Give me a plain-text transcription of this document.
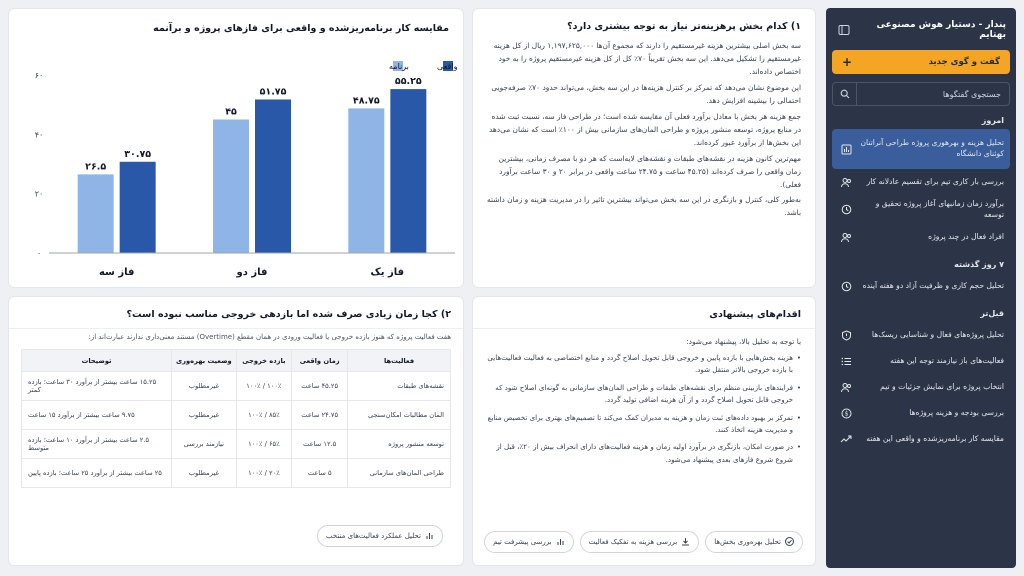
پندار - دستیار هوش مصنوعی بهتایم
گفت و گوی جدید
+
جستجوی گفتگوها
امروز
تحلیل هزینه و بهرهوری پروژه طراحی آنراتنان کوئنای دانشگاه
بررسی بار کاری تیم برای تقسیم عادلانه کار
برآورد زمان زمانبهای آغاز پروژه تحقیق و توسعه
افراد فعال در چند پروژه
۷ روز گذشته
تحلیل حجم کاری و ظرفیت آزاد دو هفته آینده
قبل‌تر
تحلیل پروژه‌های فعال و شناسایی ریسک‌ها
فعالیت‌های باز نیازمند توجه این هفته
انتخاب پروژه برای نمایش جزئیات و تیم
بررسی بودجه و هزینه پروژه‌ها
$
مقایسه کار برنامه‌ریزشده و واقعی این هفته
۱) کدام بخش پرهزینه‌تر نیاز به توجه بیشتری دارد؟

سه بخش اصلی بیشترین هزینه غیرمستقیم را دارند که مجموع آن‌ها ۱,۱۹۷,۶۲۵,۰۰۰ ریال از کل هزینه غیرمستقیم را تشکیل می‌دهد. این سه بخش تقریباً ۷۰٪ کل از کل هزینه غیرمستقیم پروژه را به خود اختصاص داده‌اند.

این موضوع نشان می‌دهد که تمرکز بر کنترل هزینه‌ها در این سه بخش، می‌تواند حدود ۷۰٪ صرفه‌جویی احتمالی را بیشینه افزایش دهد.

جمع هزینه هر بخش با معادل برآورد فعلی آن مقایسه شده است؛ در طراحی فاز سه، نسبت ثبت شده در منابع پروژه، توسعه منشور پروژه و طراحی المان‌های سازمانی بیش از ۱۰۰٪ است که نشان می‌دهد این بخش‌ها از برآورد عبور کرده‌اند.

مهم‌ترین کانون هزینه در نقشه‌های طبقات و نقشه‌های لایه‌است که هر دو با مصرف زمانی، بیشترین زمان واقعی را صرف کرده‌اند (۴۵.۲۵ ساعت و ۲۴.۷۵ ساعت واقعی در برابر ۲۰ و ۳۰ ساعت برآورد فعلی).

به‌طور کلی، کنترل و بازنگری در این سه بخش می‌تواند بیشترین تاثیر را در مدیریت هزینه و زمان داشته باشد.

مقایسه کار برنامه‌ریزشده و واقعی برای فازهای پروژه و برآنمه
۰
۲۰
۴۰
۶۰
واقعی
برنامه
۴۸.۷۵
۵۵.۲۵
فاز یک
۴۵
۵۱.۷۵
فاز دو
۲۶.۵
۳۰.۷۵
فاز سه
اقدام‌های پیشنهادی
با توجه به تحلیل بالا، پیشنهاد می‌شود:
• هزینه بخش‌هایی با بازده پایین و خروجی قابل تحویل اصلاح گردد و منابع اختصاصی به فعالیت فعالیت‌هایی با بازده خروجی بالاتر منتقل شود.
• فرایندهای بازبینی منظم برای نقشه‌های طبقات و طراحی المان‌های سازمانی به گونه‌ای اصلاح شود که خروجی قابل تحویل اصلاح گردد و از آن هزینه اضافی تولید گردد.
• تمرکز بر بهبود داده‌های ثبت زمان و هزینه به مدیران کمک می‌کند تا تصمیم‌های بهتری برای تخصیص منابع و مدیریت هزینه اتخاذ کنند.
• در صورت امکان، بازنگری در برآورد اولیه زمان و هزینه فعالیت‌های دارای انحراف بیش از ۲۰٪، قبل از شروع شروع فازهای بعدی پیشنهاد می‌شود.
تحلیل بهره‌وری بخش‌ها
بررسی هزینه به تفکیک فعالیت
بررسی پیشرفت تیم
۲) کجا زمان زیادی صرف شده اما بازدهی خروجی مناسب نبوده است؟
هفت فعالیت پروژه که هنوز بازده خروجی یا فعالیت ورودی در همان مقطع (Overtime) مستند معنی‌داری ندارند عبارت‌اند از:
فعالیت‌ها	زمان واقعی	بازده خروجی	وضعیت بهره‌وری	توضیحات
نقشه‌های طبقات	۴۵.۲۵ ساعت	۱۰۰٪ / ۱۰۰٪	غیرمطلوب	۱۵.۲۵ ساعت بیشتر از برآورد ۳۰ ساعت؛ بازده کمتر
المان مطالبات امکان‌سنجی	۲۴.۷۵ ساعت	۸۵٪ / ۱۰۰٪	غیرمطلوب	۹.۷۵ ساعت بیشتر از برآورد ۱۵ ساعت
توسعه منشور پروژه	۱۲.۵ ساعت	۶۵٪ / ۱۰۰٪	نیازمند بررسی	۲.۵ ساعت بیشتر از برآورد ۱۰ ساعت؛ بازده متوسط
طراحی المان‌های سازمانی	۵ ساعت	۲۰٪ / ۱۰۰٪	غیرمطلوب	۲۵ ساعت بیشتر از برآورد ۲۵ ساعت؛ بازده پایین
تحلیل عملکرد فعالیت‌های منتخب
